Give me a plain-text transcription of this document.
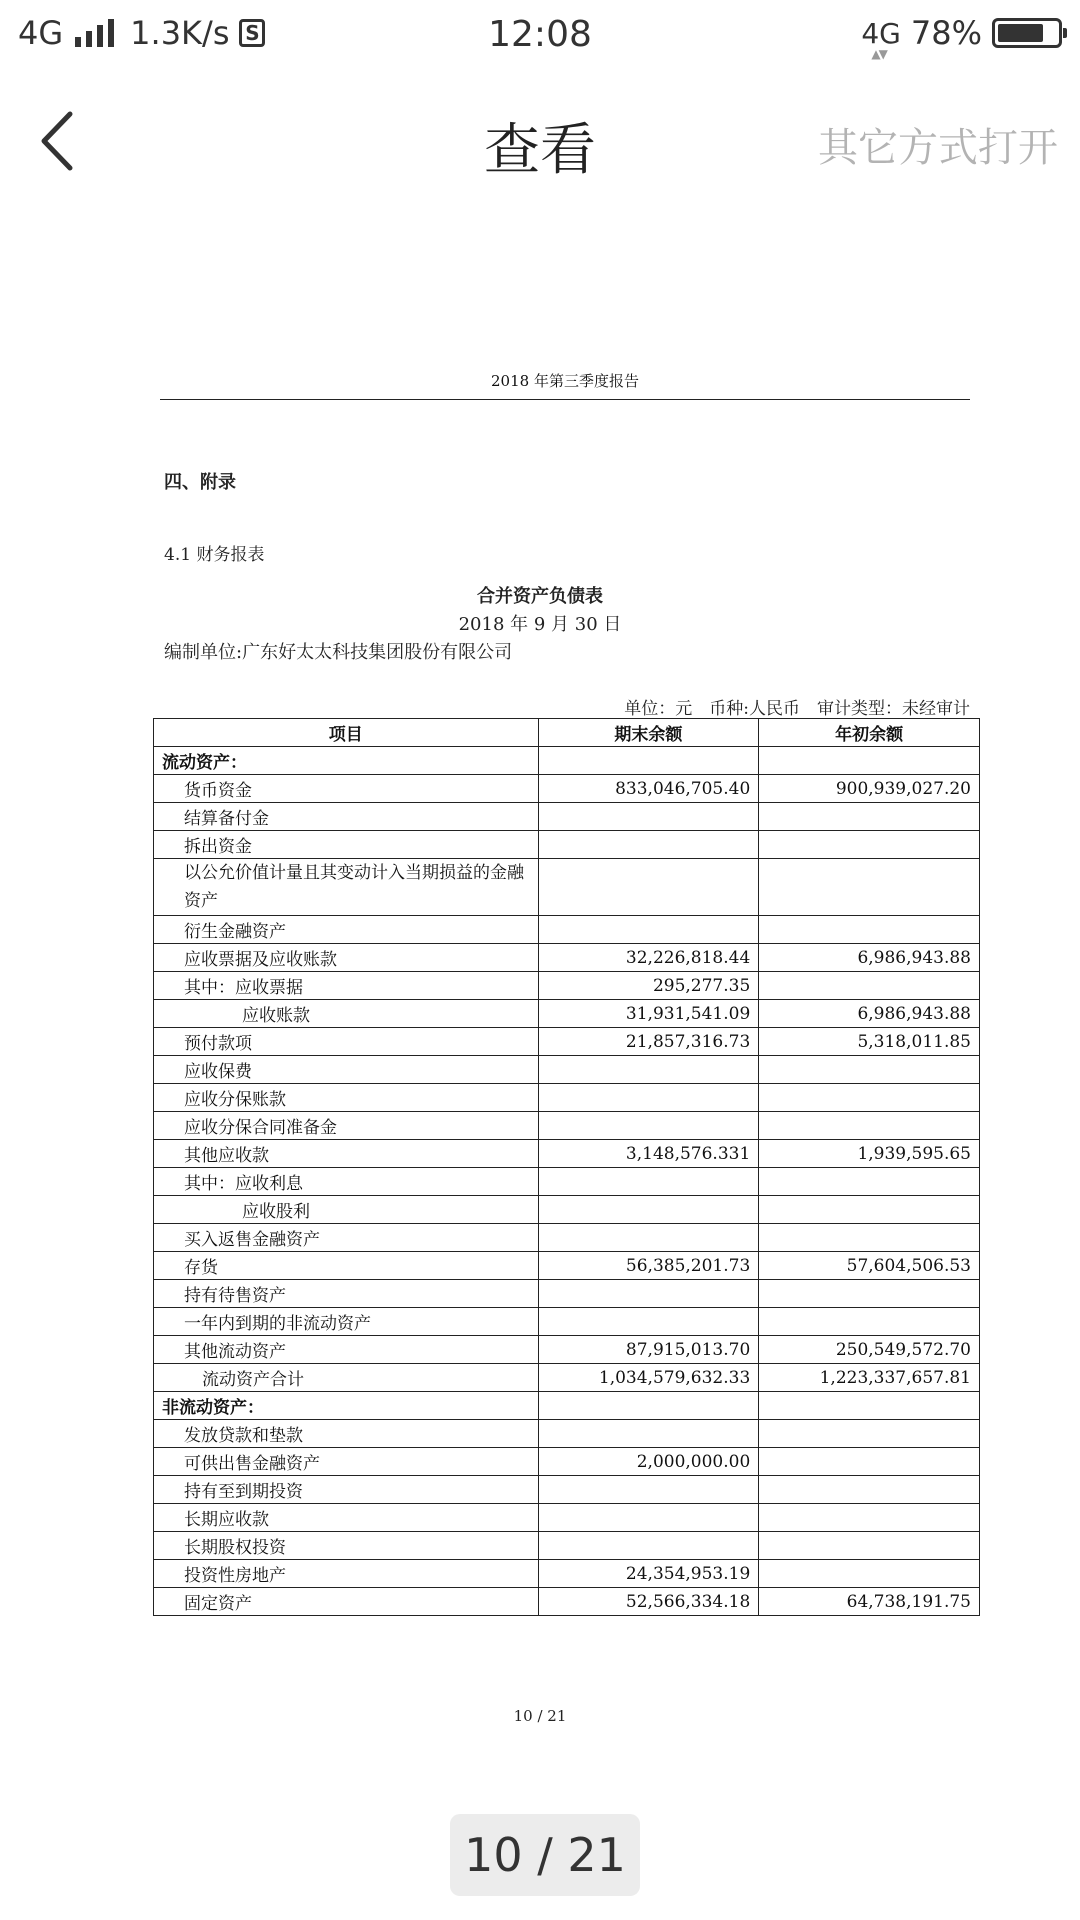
4G 1.3K/s S	12:08	4G
▲▼
78%
查看	其它方式打开
2018 年第三季度报告
四、附录
4.1 财务报表
合并资产负债表
2018 年 9 月 30 日
编制单位:广东好太太科技集团股份有限公司
单位：元　币种:人民币　审计类型：未经审计
项目	期末余额	年初余额
流动资产：		
货币资金	833,046,705.40	900,939,027.20
结算备付金		
拆出资金		
以公允价值计量且其变动计入当期损益的金融资产		
衍生金融资产		
应收票据及应收账款	32,226,818.44	6,986,943.88
其中：应收票据	295,277.35	
应收账款	31,931,541.09	6,986,943.88
预付款项	21,857,316.73	5,318,011.85
应收保费		
应收分保账款		
应收分保合同准备金		
其他应收款	3,148,576.331	1,939,595.65
其中：应收利息		
应收股利		
买入返售金融资产		
存货	56,385,201.73	57,604,506.53
持有待售资产		
一年内到期的非流动资产		
其他流动资产	87,915,013.70	250,549,572.70
流动资产合计	1,034,579,632.33	1,223,337,657.81
非流动资产：		
发放贷款和垫款		
可供出售金融资产	2,000,000.00	
持有至到期投资		
长期应收款		
长期股权投资		
投资性房地产	24,354,953.19	
固定资产	52,566,334.18	64,738,191.75
10 / 21
10 / 21
